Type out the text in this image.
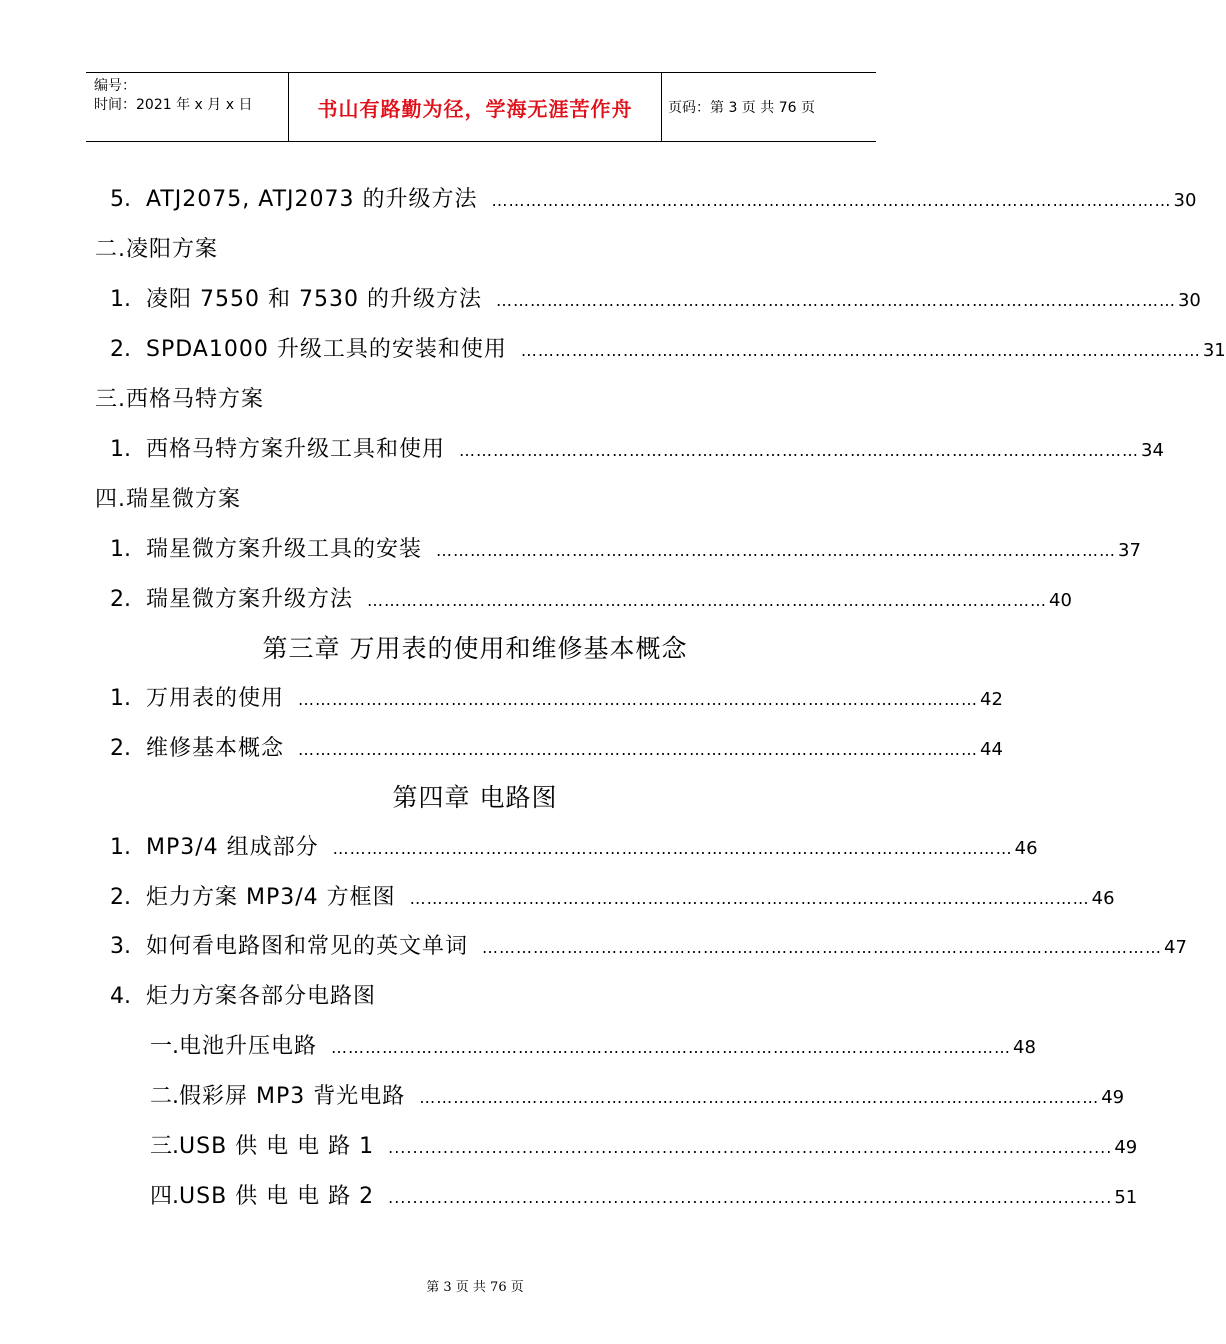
编号：
时间：2021 年 x 月 x 日	书山有路勤为径，学海无涯苦作舟	页码：第 3 页 共 76 页
5. ATJ2075, ATJ2073 的升级方法 ………………………………………………………………………………………………………… 30
二.凌阳方案
1. 凌阳 7550 和 7530 的升级方法 ………………………………………………………………………………………………………… 30
2. SPDA1000 升级工具的安装和使用 ………………………………………………………………………………………………………… 31
三.西格马特方案
1. 西格马特方案升级工具和使用 ………………………………………………………………………………………………………… 34
四.瑞星微方案
1. 瑞星微方案升级工具的安装 ………………………………………………………………………………………………………… 37
2. 瑞星微方案升级方法 ………………………………………………………………………………………………………… 40
第三章 万用表的使用和维修基本概念
1. 万用表的使用 ………………………………………………………………………………………………………… 42
2. 维修基本概念 ………………………………………………………………………………………………………… 44
第四章 电路图
1. MP3/4 组成部分 ………………………………………………………………………………………………………… 46
2. 炬力方案 MP3/4 方框图 ………………………………………………………………………………………………………… 46
3. 如何看电路图和常见的英文单词 ………………………………………………………………………………………………………… 47
4. 炬力方案各部分电路图
一. 电池升压电路 ………………………………………………………………………………………………………… 48
二. 假彩屏 MP3 背光电路 ………………………………………………………………………………………………………… 49
三. USB 供 电 电 路 1 ....................................................................................................................... 49
四. USB 供 电 电 路 2 ....................................................................................................................... 51
第 3 页 共 76 页
